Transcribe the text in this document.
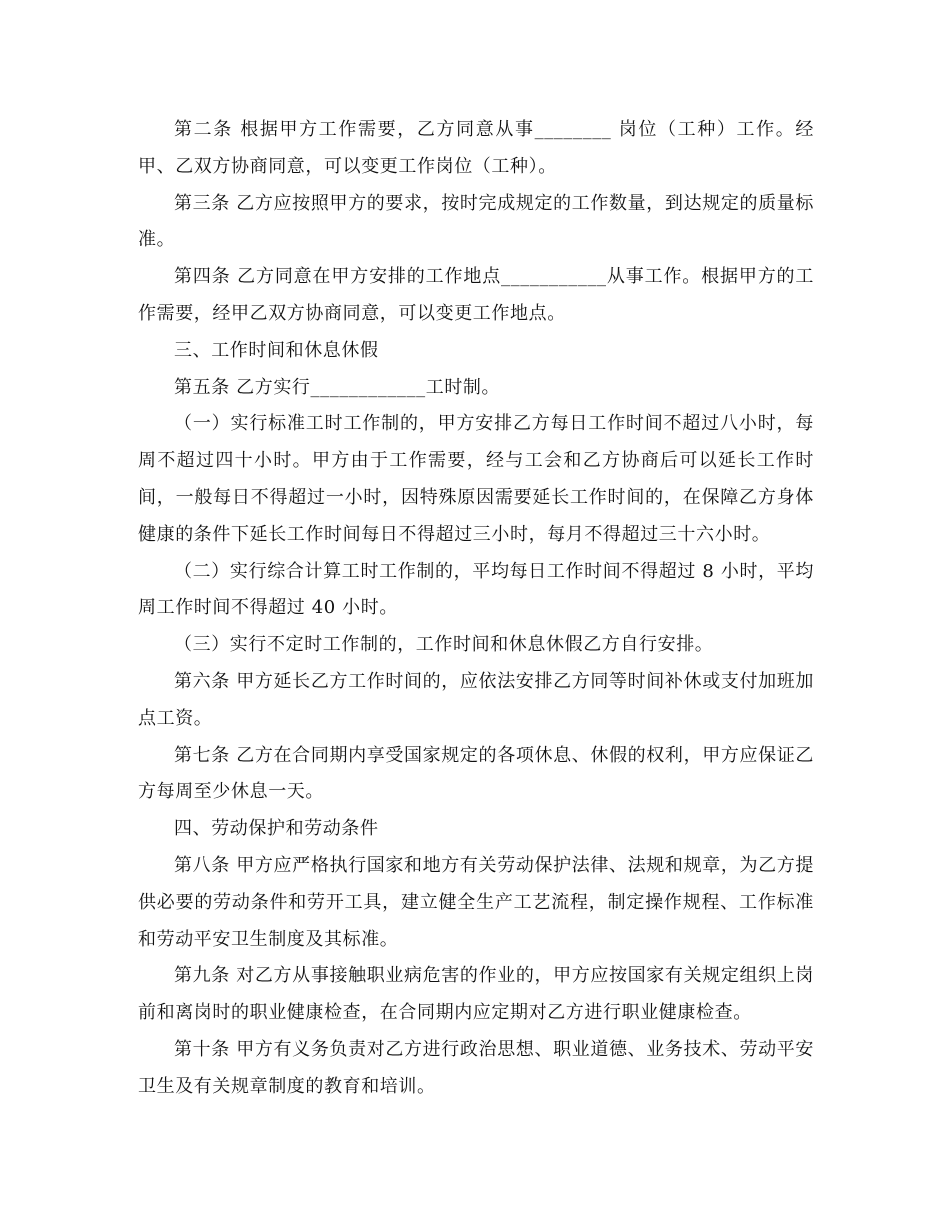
第二条 根据甲方工作需要，乙方同意从事________ 岗位（工种）工作。经甲、乙双方协商同意，可以变更工作岗位（工种）。

第三条 乙方应按照甲方的要求，按时完成规定的工作数量，到达规定的质量标准。

第四条 乙方同意在甲方安排的工作地点___________从事工作。根据甲方的工作需要，经甲乙双方协商同意，可以变更工作地点。

三、工作时间和休息休假

第五条 乙方实行____________工时制。

（一）实行标准工时工作制的，甲方安排乙方每日工作时间不超过八小时，每周不超过四十小时。甲方由于工作需要，经与工会和乙方协商后可以延长工作时间，一般每日不得超过一小时，因特殊原因需要延长工作时间的，在保障乙方身体健康的条件下延长工作时间每日不得超过三小时，每月不得超过三十六小时。

（二）实行综合计算工时工作制的，平均每日工作时间不得超过 8 小时，平均周工作时间不得超过 40 小时。

（三）实行不定时工作制的，工作时间和休息休假乙方自行安排。

第六条 甲方延长乙方工作时间的，应依法安排乙方同等时间补休或支付加班加点工资。

第七条 乙方在合同期内享受国家规定的各项休息、休假的权利，甲方应保证乙方每周至少休息一天。

四、劳动保护和劳动条件

第八条 甲方应严格执行国家和地方有关劳动保护法律、法规和规章，为乙方提供必要的劳动条件和劳开工具，建立健全生产工艺流程，制定操作规程、工作标准和劳动平安卫生制度及其标准。

第九条 对乙方从事接触职业病危害的作业的，甲方应按国家有关规定组织上岗前和离岗时的职业健康检查，在合同期内应定期对乙方进行职业健康检查。

第十条 甲方有义务负责对乙方进行政治思想、职业道德、业务技术、劳动平安卫生及有关规章制度的教育和培训。
